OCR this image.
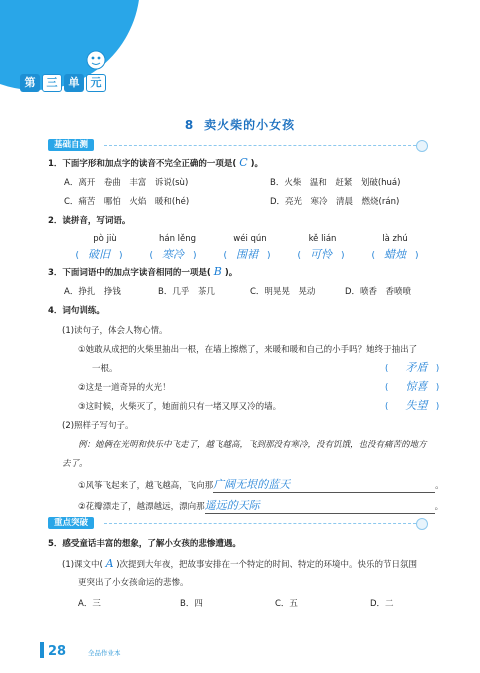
第	三	单	元
8 卖火柴的小女孩
基础自测
1．下面字形和加点字的读音不完全正确的一项是( C )。
A．离开　卷曲　丰富　诉说(sù)	B．火柴　温和　赶紧　划破(huá)
C．痛苦　哪怕　火焰　暖和(hé)	D．亮光　寒冷　清晨　燃烧(rán)
2．读拼音，写词语。
pò jiù	hán lěng	wéi qún	kě lián	là zhú
(　破旧　)	(　寒冷　)	(　围裙　)	(　可怜　)	(　蜡烛　)
3．下面词语中的加点字读音相同的一项是( B )。
A．挣扎　挣钱	B．几乎　茶几	C．明晃晃　晃动	D．喷香　香喷喷
4．词句训练。
(1)读句子，体会人物心情。
①她敢从成把的火柴里抽出一根，在墙上擦燃了，来暖和暖和自己的小手吗？她终于抽出了
一根。	(　　矛盾　)
②这是一道奇异的火光！	(　　惊喜　)
③这时候，火柴灭了，她面前只有一堵又厚又冷的墙。	(　　失望　)
(2)照样子写句子。
例：她俩在光明和快乐中飞走了，越飞越高，飞到那没有寒冷，没有饥饿，也没有痛苦的地方
去了。
①风筝飞起来了，越飞越高，飞向那广阔无垠的蓝天	。
②花瓣漂走了，越漂越远，漂向那遥远的天际	。
重点突破
5．感受童话丰富的想象，了解小女孩的悲惨遭遇。
(1)课文中( A )次提到大年夜，把故事安排在一个特定的时间、特定的环境中。快乐的节日氛围
更突出了小女孩命运的悲惨。
A．三	B．四	C．五	D．二
28	全品作业本
